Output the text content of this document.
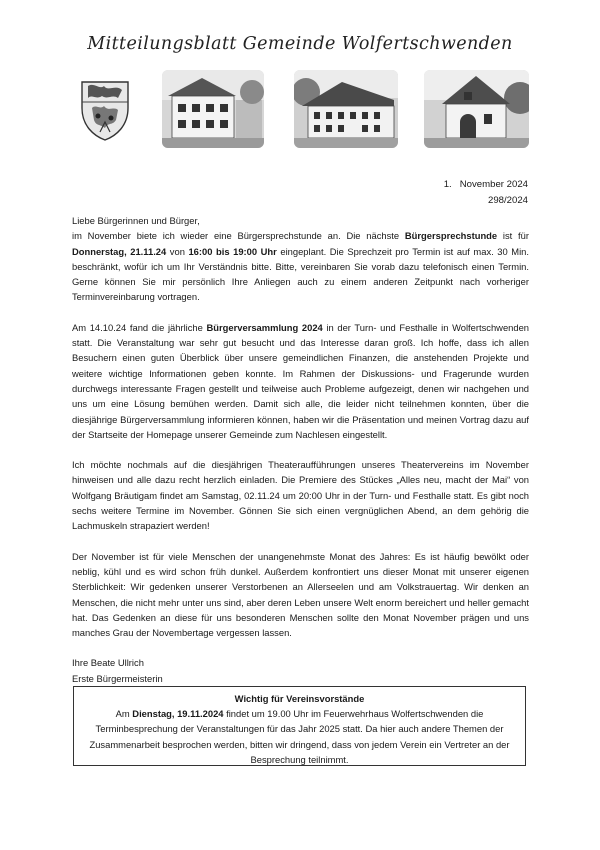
Mitteilungsblatt Gemeinde Wolfertschwenden
1. November 2024
298/2024

Liebe Bürgerinnen und Bürger,

im November biete ich wieder eine Bürgersprechstunde an. Die nächste Bürgersprechstunde ist für Donnerstag, 21.11.24 von 16:00 bis 19:00 Uhr eingeplant. Die Sprechzeit pro Termin ist auf max. 30 Min. beschränkt, wofür ich um Ihr Verständnis bitte. Bitte, vereinbaren Sie vorab dazu telefonisch einen Termin. Gerne können Sie mir persönlich Ihre Anliegen auch zu einem anderen Zeitpunkt nach vorheriger Terminvereinbarung vortragen.

Am 14.10.24 fand die jährliche Bürgerversammlung 2024 in der Turn- und Festhalle in Wolfertschwenden statt. Die Veranstaltung war sehr gut besucht und das Interesse daran groß. Ich hoffe, dass ich allen Besuchern einen guten Überblick über unsere gemeindlichen Finanzen, die anstehenden Projekte und weitere wichtige Informationen geben konnte. Im Rahmen der Diskussions- und Fragerunde wurden durchwegs interessante Fragen gestellt und teilweise auch Probleme aufgezeigt, denen wir nachgehen und uns um eine Lösung bemühen werden. Damit sich alle, die leider nicht teilnehmen konnten, über die diesjährige Bürgerversammlung informieren können, haben wir die Präsentation und meinen Vortrag dazu auf der Startseite der Homepage unserer Gemeinde zum Nachlesen eingestellt.

Ich möchte nochmals auf die diesjährigen Theateraufführungen unseres Theatervereins im November hinweisen und alle dazu recht herzlich einladen. Die Premiere des Stückes „Alles neu, macht der Mai“ von Wolfgang Bräutigam findet am Samstag, 02.11.24 um 20:00 Uhr in der Turn- und Festhalle statt. Es gibt noch sechs weitere Termine im November. Gönnen Sie sich einen vergnüglichen Abend, an dem gehörig die Lachmuskeln strapaziert werden!

Der November ist für viele Menschen der unangenehmste Monat des Jahres: Es ist häufig bewölkt oder neblig, kühl und es wird schon früh dunkel. Außerdem konfrontiert uns dieser Monat mit unserer eigenen Sterblichkeit: Wir gedenken unserer Verstorbenen an Allerseelen und am Volkstrauertag. Wir denken an Menschen, die nicht mehr unter uns sind, aber deren Leben unsere Welt enorm bereichert und heller gemacht hat. Das Gedenken an diese für uns besonderen Menschen sollte den Monat November prägen und uns manches Grau der Novembertage vergessen lassen.

Ihre Beate Ullrich
Erste Bürgermeisterin
Wichtig für Vereinsvorstände
Am Dienstag, 19.11.2024 findet um 19.00 Uhr im Feuerwehrhaus Wolfertschwenden die Terminbesprechung der Veranstaltungen für das Jahr 2025 statt. Da hier auch andere Themen der Zusammenarbeit besprochen werden, bitten wir dringend, dass von jedem Verein ein Vertreter an der Besprechung teilnimmt.
